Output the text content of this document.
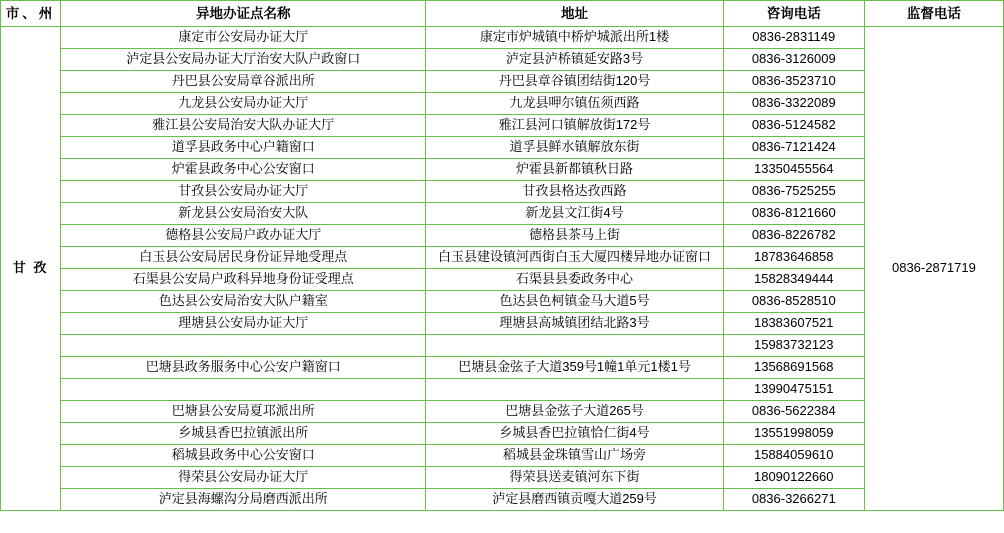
市、州	异地办证点名称	地址	咨询电话	监督电话
甘 孜	康定市公安局办证大厅	康定市炉城镇中桥炉城派出所1楼	0836-2831149	0836-2871719
	泸定县公安局办证大厅治安大队户政窗口	泸定县泸桥镇延安路3号	0836-3126009	
	丹巴县公安局章谷派出所	丹巴县章谷镇团结街120号	0836-3523710	
	九龙县公安局办证大厅	九龙县呷尔镇伍须西路	0836-3322089	
	雅江县公安局治安大队办证大厅	雅江县河口镇解放街172号	0836-5124582	
	道孚县政务中心户籍窗口	道孚县鲜水镇解放东街	0836-7121424	
	炉霍县政务中心公安窗口	炉霍县新都镇秋日路	13350455564	
	甘孜县公安局办证大厅	甘孜县格达孜西路	0836-7525255	
	新龙县公安局治安大队	新龙县文江街4号	0836-8121660	
	德格县公安局户政办证大厅	德格县茶马上街	0836-8226782	
	白玉县公安局居民身份证异地受理点	白玉县建设镇河西街白玉大厦四楼异地办证窗口	18783646858	
	石渠县公安局户政科异地身份证受理点	石渠县县委政务中心	15828349444	
	色达县公安局治安大队户籍室	色达县色柯镇金马大道5号	0836-8528510	
	理塘县公安局办证大厅	理塘县高城镇团结北路3号	18383607521	
			15983732123	
	巴塘县政务服务中心公安户籍窗口	巴塘县金弦子大道359号1幢1单元1楼1号	13568691568	
			13990475151	
	巴塘县公安局夏邛派出所	巴塘县金弦子大道265号	0836-5622384	
	乡城县香巴拉镇派出所	乡城县香巴拉镇恰仁街4号	13551998059	
	稻城县政务中心公安窗口	稻城县金珠镇雪山广场旁	15884059610	
	得荣县公安局办证大厅	得荣县送麦镇河东下街	18090122660	
	泸定县海螺沟分局磨西派出所	泸定县磨西镇贡嘎大道259号	0836-3266271	
